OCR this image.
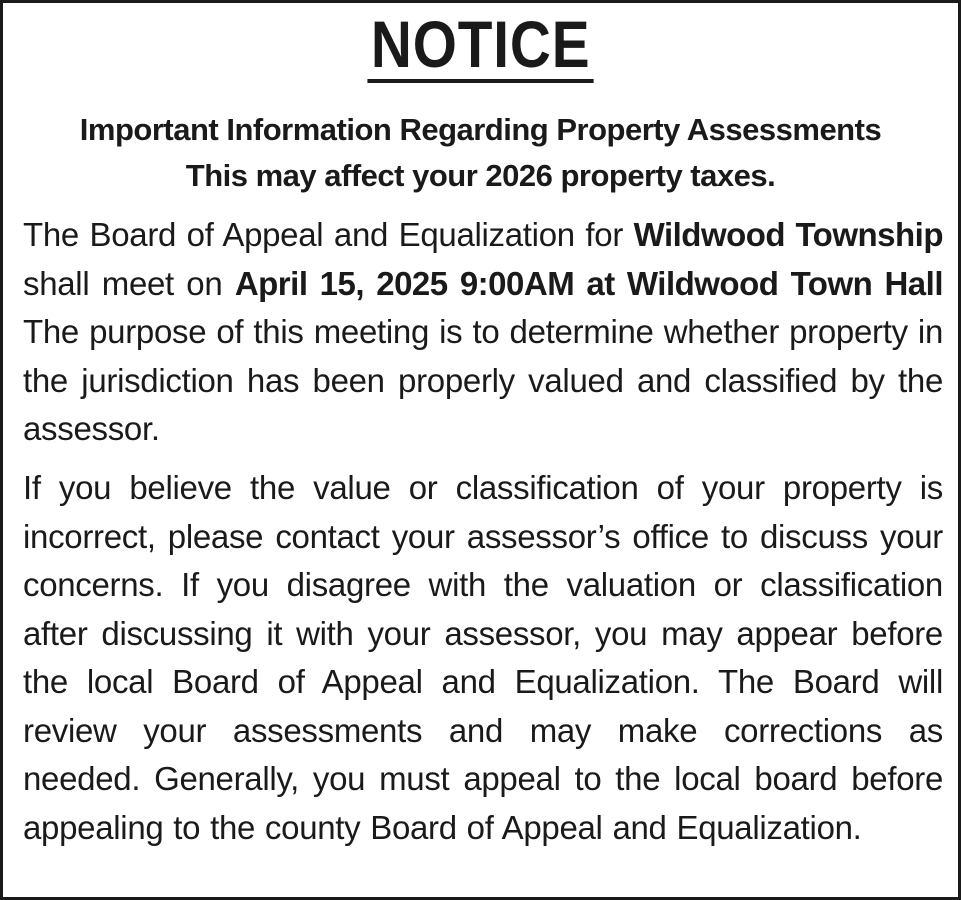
NOTICE

Important Information Regarding Property Assessments

This may affect your 2026 property taxes.

The Board of Appeal and Equalization for Wildwood Township shall meet on April 15, 2025 9:00AM at Wildwood Town Hall The purpose of this meeting is to determine whether property in the jurisdiction has been properly valued and classified by the assessor.

If you believe the value or classification of your property is incorrect, please contact your assessor’s office to discuss your concerns. If you disagree with the valuation or classification after discussing it with your assessor, you may appear before the local Board of Appeal and Equalization. The Board will review your assessments and may make corrections as needed. Generally, you must appeal to the local board before appealing to the county Board of Appeal and Equalization.
